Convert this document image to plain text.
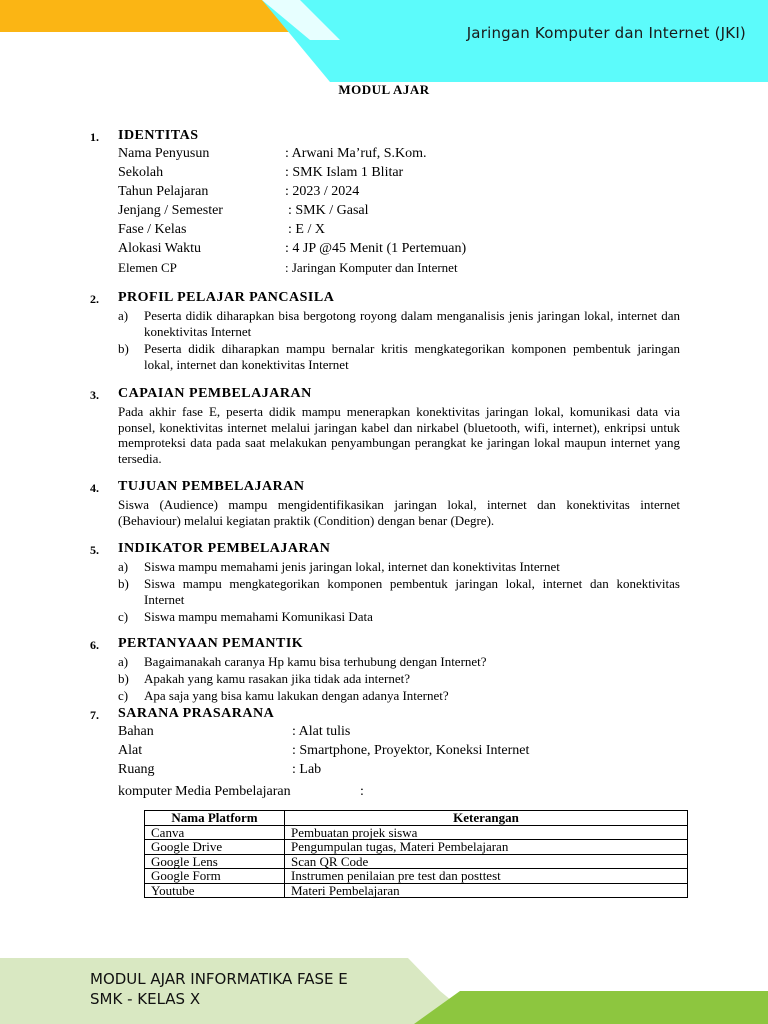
Jaringan Komputer dan Internet (JKI)
MODUL AJAR
1. IDENTITAS
Nama Penyusun	: Arwani Ma’ruf, S.Kom.
Sekolah	: SMK Islam 1 Blitar
Tahun Pelajaran	: 2023 / 2024
Jenjang / Semester	: SMK / Gasal
Fase / Kelas	: E / X
Alokasi Waktu	: 4 JP @45 Menit (1 Pertemuan)
Elemen CP	: Jaringan Komputer dan Internet
2. PROFIL PELAJAR PANCASILA
a) Peserta didik diharapkan bisa bergotong royong dalam menganalisis jenis jaringan lokal, internet dan konektivitas Internet
b) Peserta didik diharapkan mampu bernalar kritis mengkategorikan komponen pembentuk jaringan lokal, internet dan konektivitas Internet
3. CAPAIAN PEMBELAJARAN
Pada akhir fase E, peserta didik mampu menerapkan konektivitas jaringan lokal, komunikasi data via ponsel, konektivitas internet melalui jaringan kabel dan nirkabel (bluetooth, wifi, internet), enkripsi untuk memproteksi data pada saat melakukan penyambungan perangkat ke jaringan lokal maupun internet yang tersedia.
4. TUJUAN PEMBELAJARAN
Siswa (Audience) mampu mengidentifikasikan jaringan lokal, internet dan konektivitas internet (Behaviour) melalui kegiatan praktik (Condition) dengan benar (Degre).
5. INDIKATOR PEMBELAJARAN
a) Siswa mampu memahami jenis jaringan lokal, internet dan konektivitas Internet
b) Siswa mampu mengkategorikan komponen pembentuk jaringan lokal, internet dan konektivitas Internet
c) Siswa mampu memahami Komunikasi Data
6. PERTANYAAN PEMANTIK
a) Bagaimanakah caranya Hp kamu bisa terhubung dengan Internet?
b) Apakah yang kamu rasakan jika tidak ada internet?
c) Apa saja yang bisa kamu lakukan dengan adanya Internet?
7. SARANA PRASARANA
Bahan	: Alat tulis
Alat	: Smartphone, Proyektor, Koneksi Internet
Ruang	: Lab
komputer Media Pembelajaran	:
Nama Platform	Keterangan
Canva	Pembuatan projek siswa
Google Drive	Pengumpulan tugas, Materi Pembelajaran
Google Lens	Scan QR Code
Google Form	Instrumen penilaian pre test dan posttest
Youtube	Materi Pembelajaran
MODUL AJAR INFORMATIKA FASE E
SMK - KELAS X
